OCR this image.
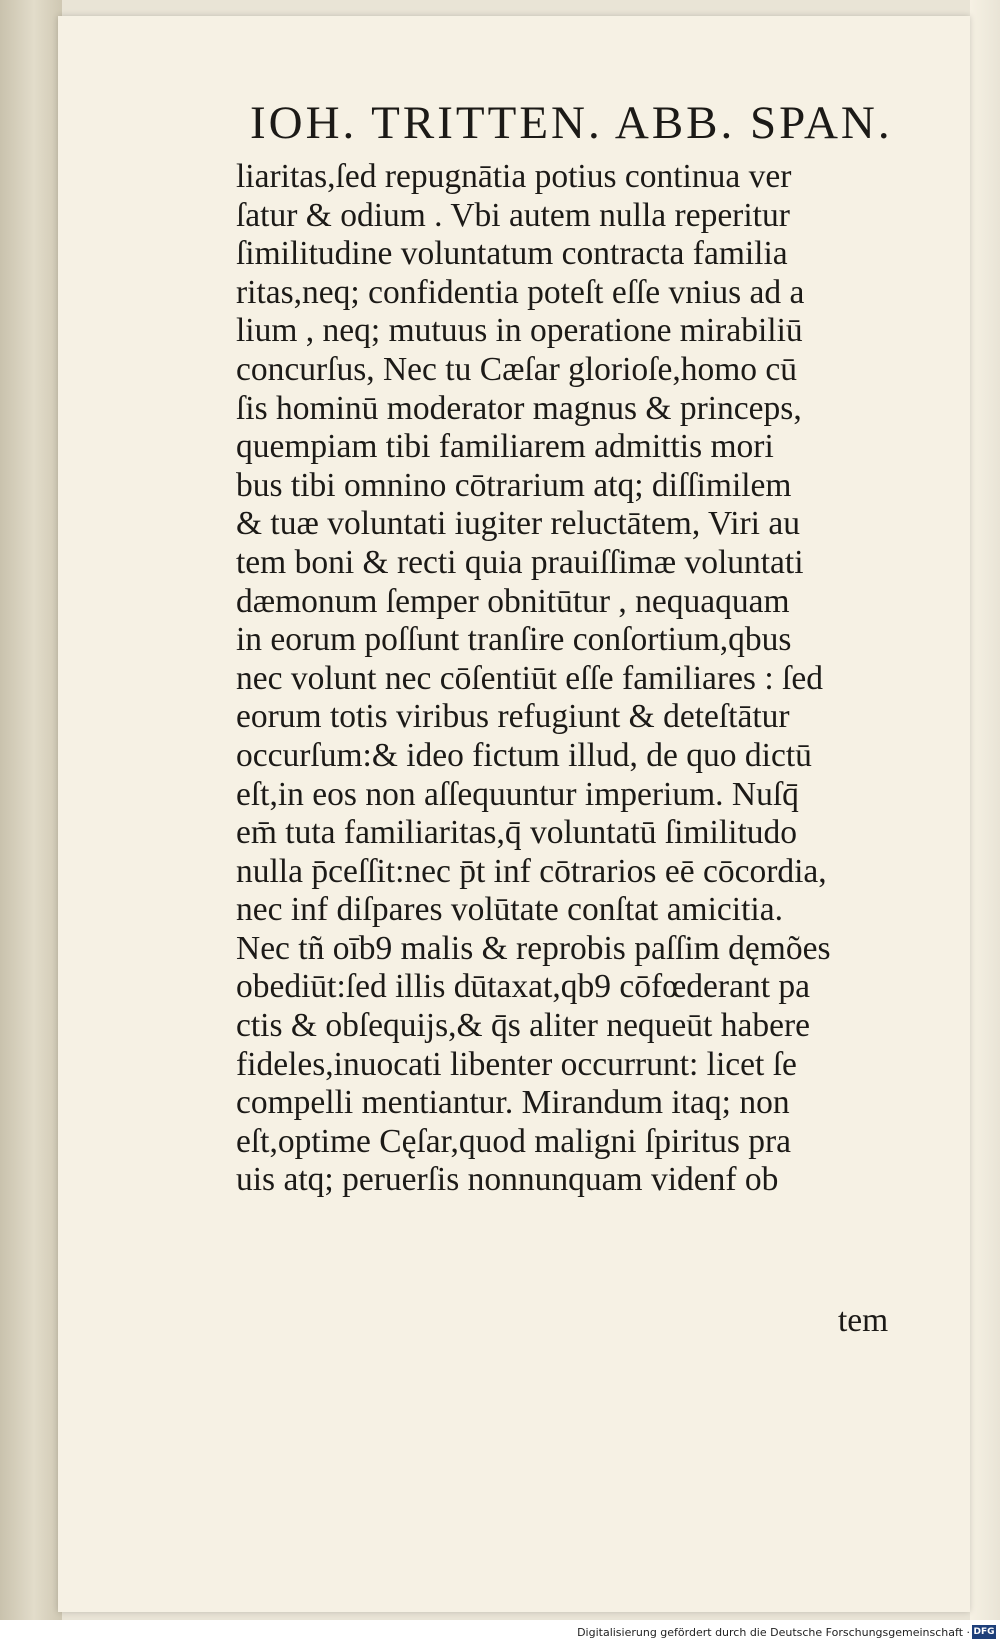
IOH. TRITTEN. ABB. SPAN.
liaritas,ſed repugnātia potius continua ver
ſatur & odium . Vbi autem nulla reperitur
ſimilitudine voluntatum contracta familia
ritas,neq; confidentia poteſt eſſe vnius ad a
lium , neq; mutuus in operatione mirabiliū
concurſus, Nec tu Cæſar glorioſe,homo cū
ſis hominū moderator magnus & princeps,
quempiam tibi familiarem admittis mori
bus tibi omnino cōtrarium atq; diſſimilem
& tuæ voluntati iugiter reluctātem, Viri au
tem boni & recti quia prauiſſimæ voluntati
dæmonum ſemper obnitūtur , nequaquam
in eorum poſſunt tranſire conſortium,qbus
nec volunt nec cōſentiūt eſſe familiares : ſed
eorum totis viribus refugiunt & deteſtātur
occurſum:& ideo fictum illud, de quo dictū
eſt,in eos non aſſequuntur imperium. Nuſq̄
em̄ tuta familiaritas,q̄ voluntatū ſimilitudo
nulla p̄ceſſit:nec p̄t inf cōtrarios eē cōcordia,
nec inf diſpares volūtate conſtat amicitia.
Nec tñ oīb9 malis & reprobis paſſim dęmões
obediūt:ſed illis dūtaxat,qb9 cōfœderant pa
ctis & obſequijs,& q̄s aliter nequeūt habere
fideles,inuocati libenter occurrunt: licet ſe
compelli mentiantur. Mirandum itaq; non
eſt,optime Cęſar,quod maligni ſpiritus pra
uis atq; peruerſis nonnunquam videnf ob
tem
Digitalisierung gefördert durch die Deutsche Forschungsgemeinschaft · DFG
